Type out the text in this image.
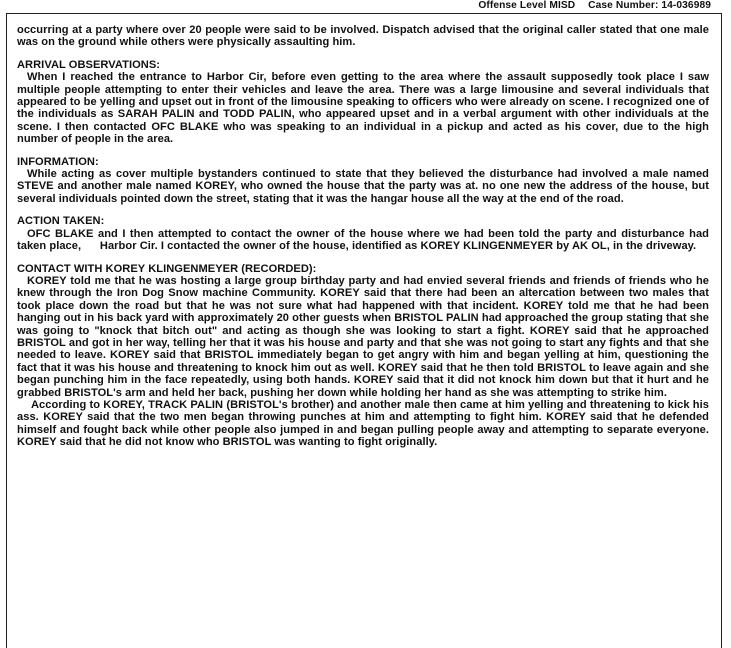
Offense Level MISD Case Number: 14-036989

occurring at a party where over 20 people were said to be involved. Dispatch advised that the original caller stated that one male was on the ground while others were physically assaulting him.

ARRIVAL OBSERVATIONS:

When I reached the entrance to Harbor Cir, before even getting to the area where the assault supposedly took place I saw multiple people attempting to enter their vehicles and leave the area. There was a large limousine and several individuals that appeared to be yelling and upset out in front of the limousine speaking to officers who were already on scene. I recognized one of the individuals as SARAH PALIN and TODD PALIN, who appeared upset and in a verbal argument with other individuals at the scene. I then contacted OFC BLAKE who was speaking to an individual in a pickup and acted as his cover, due to the high number of people in the area.

INFORMATION:

While acting as cover multiple bystanders continued to state that they believed the disturbance had involved a male named STEVE and another male named KOREY, who owned the house that the party was at. no one new the address of the house, but several individuals pointed down the street, stating that it was the hangar house all the way at the end of the road.

ACTION TAKEN:

OFC BLAKE and I then attempted to contact the owner of the house where we had been told the party and disturbance had taken place,      Harbor Cir. I contacted the owner of the house, identified as KOREY KLINGENMEYER by AK OL, in the driveway.

CONTACT WITH KOREY KLINGENMEYER (RECORDED):

KOREY told me that he was hosting a large group birthday party and had envied several friends and friends of friends who he knew through the Iron Dog Snow machine Community. KOREY said that there had been an altercation between two males that took place down the road but that he was not sure what had happened with that incident. KOREY told me that he had been hanging out in his back yard with approximately 20 other guests when BRISTOL PALIN had approached the group stating that she was going to "knock that bitch out" and acting as though she was looking to start a fight. KOREY said that he approached BRISTOL and got in her way, telling her that it was his house and party and that she was not going to start any fights and that she needed to leave. KOREY said that BRISTOL immediately began to get angry with him and began yelling at him, questioning the fact that it was his house and threatening to knock him out as well. KOREY said that he then told BRISTOL to leave again and she began punching him in the face repeatedly, using both hands. KOREY said that it did not knock him down but that it hurt and he grabbed BRISTOL's arm and held her back, pushing her down while holding her hand as she was attempting to strike him.

According to KOREY, TRACK PALIN (BRISTOL's brother) and another male then came at him yelling and threatening to kick his ass. KOREY said that the two men began throwing punches at him and attempting to fight him. KOREY said that he defended himself and fought back while other people also jumped in and began pulling people away and attempting to separate everyone. KOREY said that he did not know who BRISTOL was wanting to fight originally.
